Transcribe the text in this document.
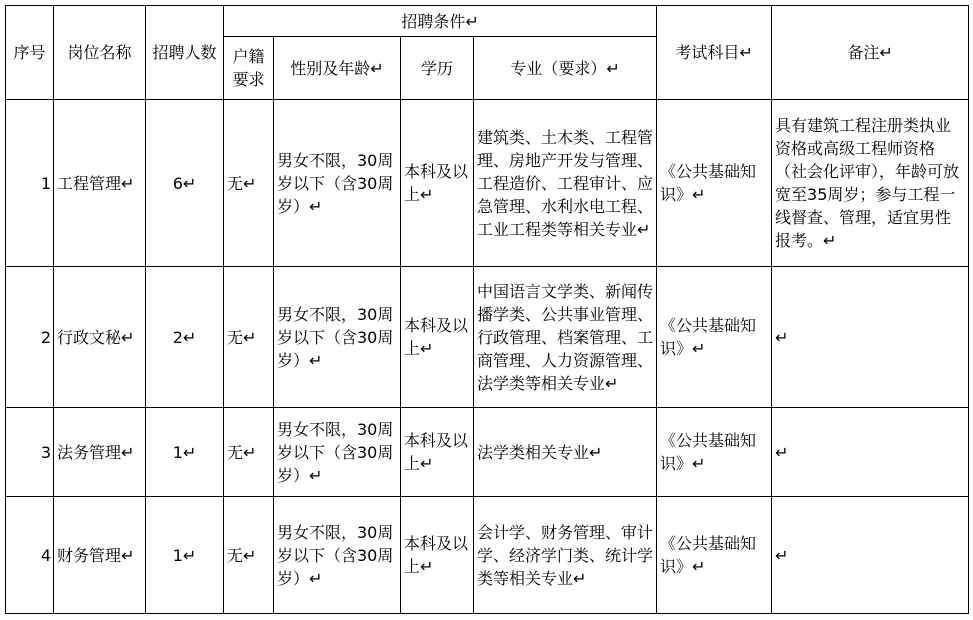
序号	岗位名称	招聘人数	招聘条件↵				考试科目↵	备注↵
			户籍要求	性别及年龄↵	学历	专业（要求）↵		
1	工程管理↵	6↵	无↵	男女不限，30周岁以下（含30周岁）↵	本科及以上↵	建筑类、土木类、工程管理、房地产开发与管理、工程造价、工程审计、应急管理、水利水电工程、工业工程类等相关专业↵	《公共基础知识》↵	具有建筑工程注册类执业资格或高级工程师资格（社会化评审），年龄可放宽至35周岁；参与工程一线督查、管理，适宜男性报考。↵
2	行政文秘↵	2↵	无↵	男女不限，30周岁以下（含30周岁）↵	本科及以上↵	中国语言文学类、新闻传播学类、公共事业管理、行政管理、档案管理、工商管理、人力资源管理、法学类等相关专业↵	《公共基础知识》↵	↵
3	法务管理↵	1↵	无↵	男女不限，30周岁以下（含30周岁）↵	本科及以上↵	法学类相关专业↵	《公共基础知识》↵	↵
4	财务管理↵	1↵	无↵	男女不限，30周岁以下（含30周岁）↵	本科及以上↵	会计学、财务管理、审计学、经济学门类、统计学类等相关专业↵	《公共基础知识》↵	↵
